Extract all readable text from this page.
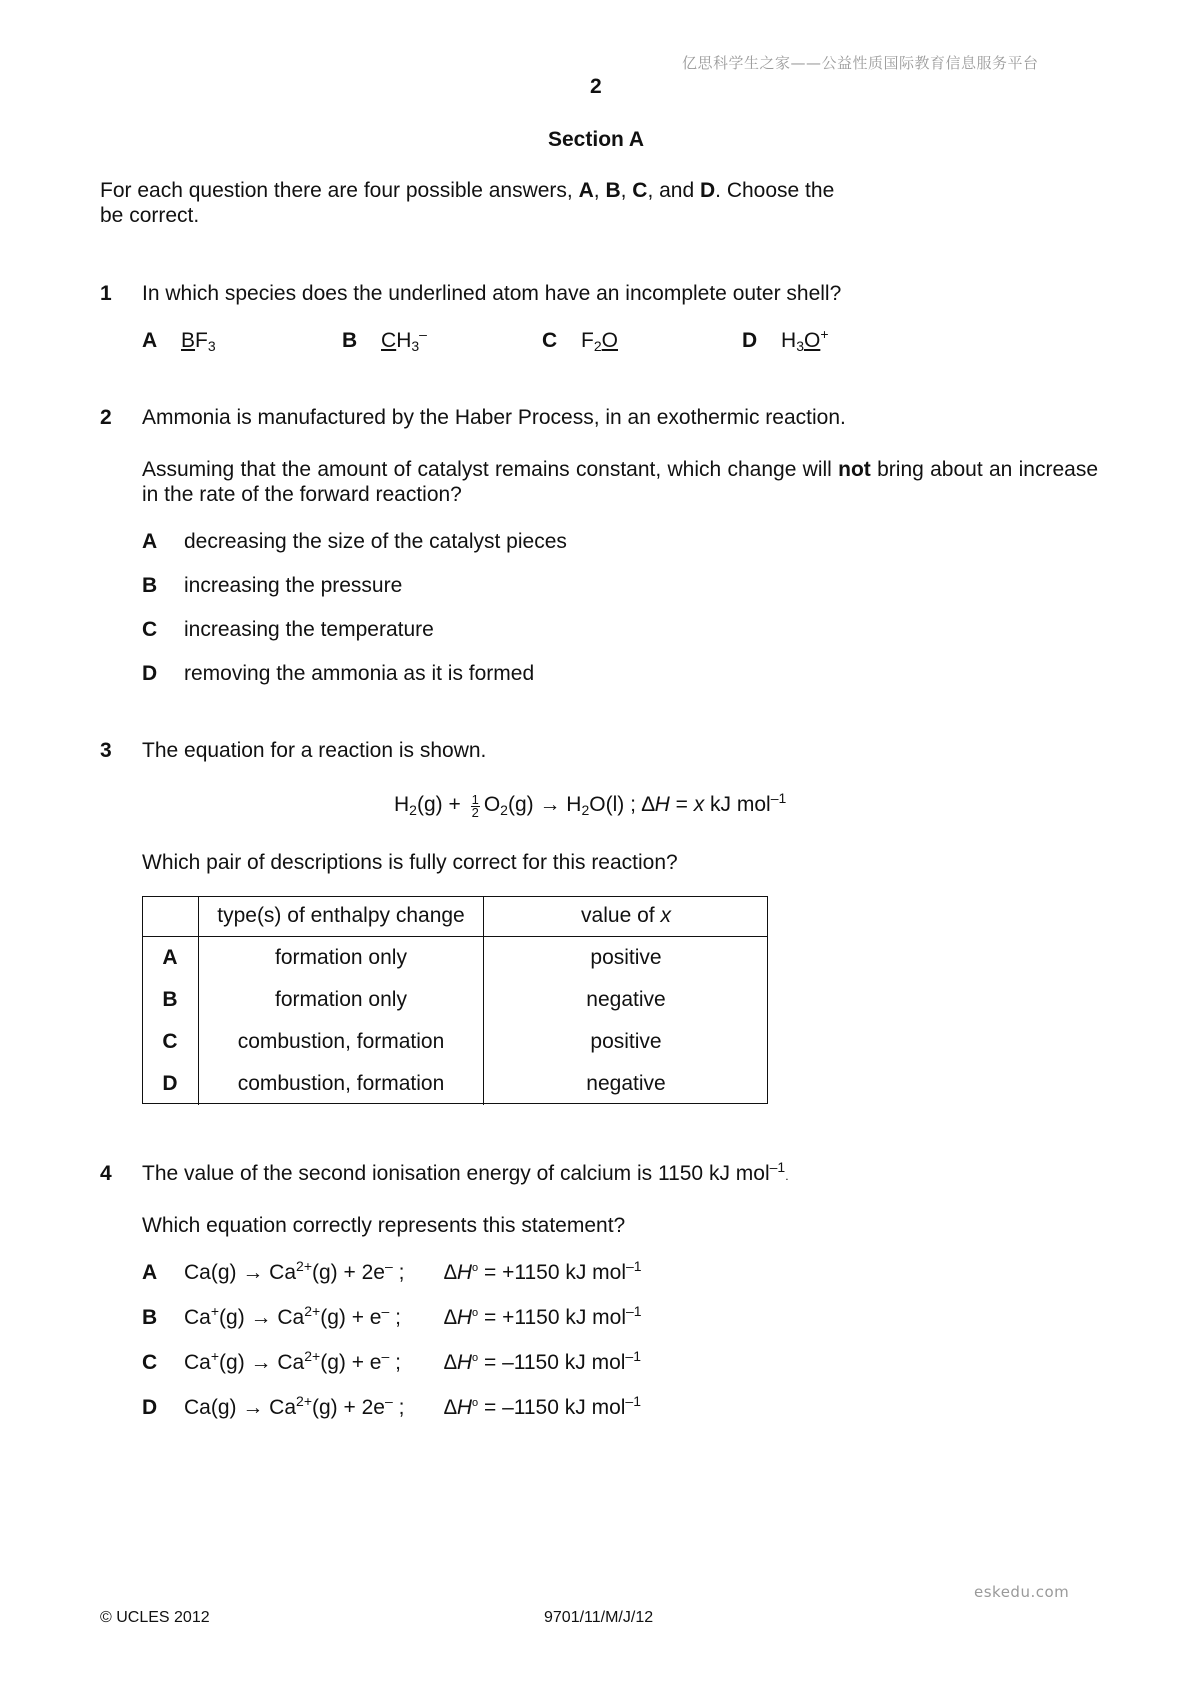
亿思科学生之家——公益性质国际教育信息服务平台
2
Section A
For each question there are four possible answers, A, B, C, and D. Choose the
be correct.
1 In which species does the underlined atom have an incomplete outer shell?
A $BF_3$	B $CH_3^-$	C $F_2O$	D $H_3O^+$
2 Ammonia is manufactured by the Haber Process, in an exothermic reaction.
Assuming that the amount of catalyst remains constant, which change will not bring about an increase in the rate of the forward reaction?
A decreasing the size of the catalyst pieces
B increasing the pressure
C increasing the temperature
D removing the ammonia as it is formed
3 The equation for a reaction is shown.
$H_2(g) + \frac{1}{2} O_2(g) \to H_2O(l)$ ; ∆H = x kJ mol$^{-1}$
Which pair of descriptions is fully correct for this reaction?
	type(s) of enthalpy change	value of x
A	formation only	positive
B	formation only	negative
C	combustion, formation	positive
D	combustion, formation	negative
4 The value of the second ionisation energy of calcium is 1150 kJ mol$^{-1}$.
Which equation correctly represents this statement?
A $Ca(g) \to Ca^{2+}(g) + 2e^-$ ; $\Delta H^o = +1150$ kJ mol$^{-1}$
B $Ca^+(g) \to Ca^{2+}(g) + e^-$ ; $\Delta H^o = +1150$ kJ mol$^{-1}$
C $Ca^+(g) \to Ca^{2+}(g) + e^-$ ; $\Delta H^o = -1150$ kJ mol$^{-1}$
D $Ca(g) \to Ca^{2+}(g) + 2e^-$ ; $\Delta H^o = -1150$ kJ mol$^{-1}$
eskedu.com
© UCLES 2012	9701/11/M/J/12
